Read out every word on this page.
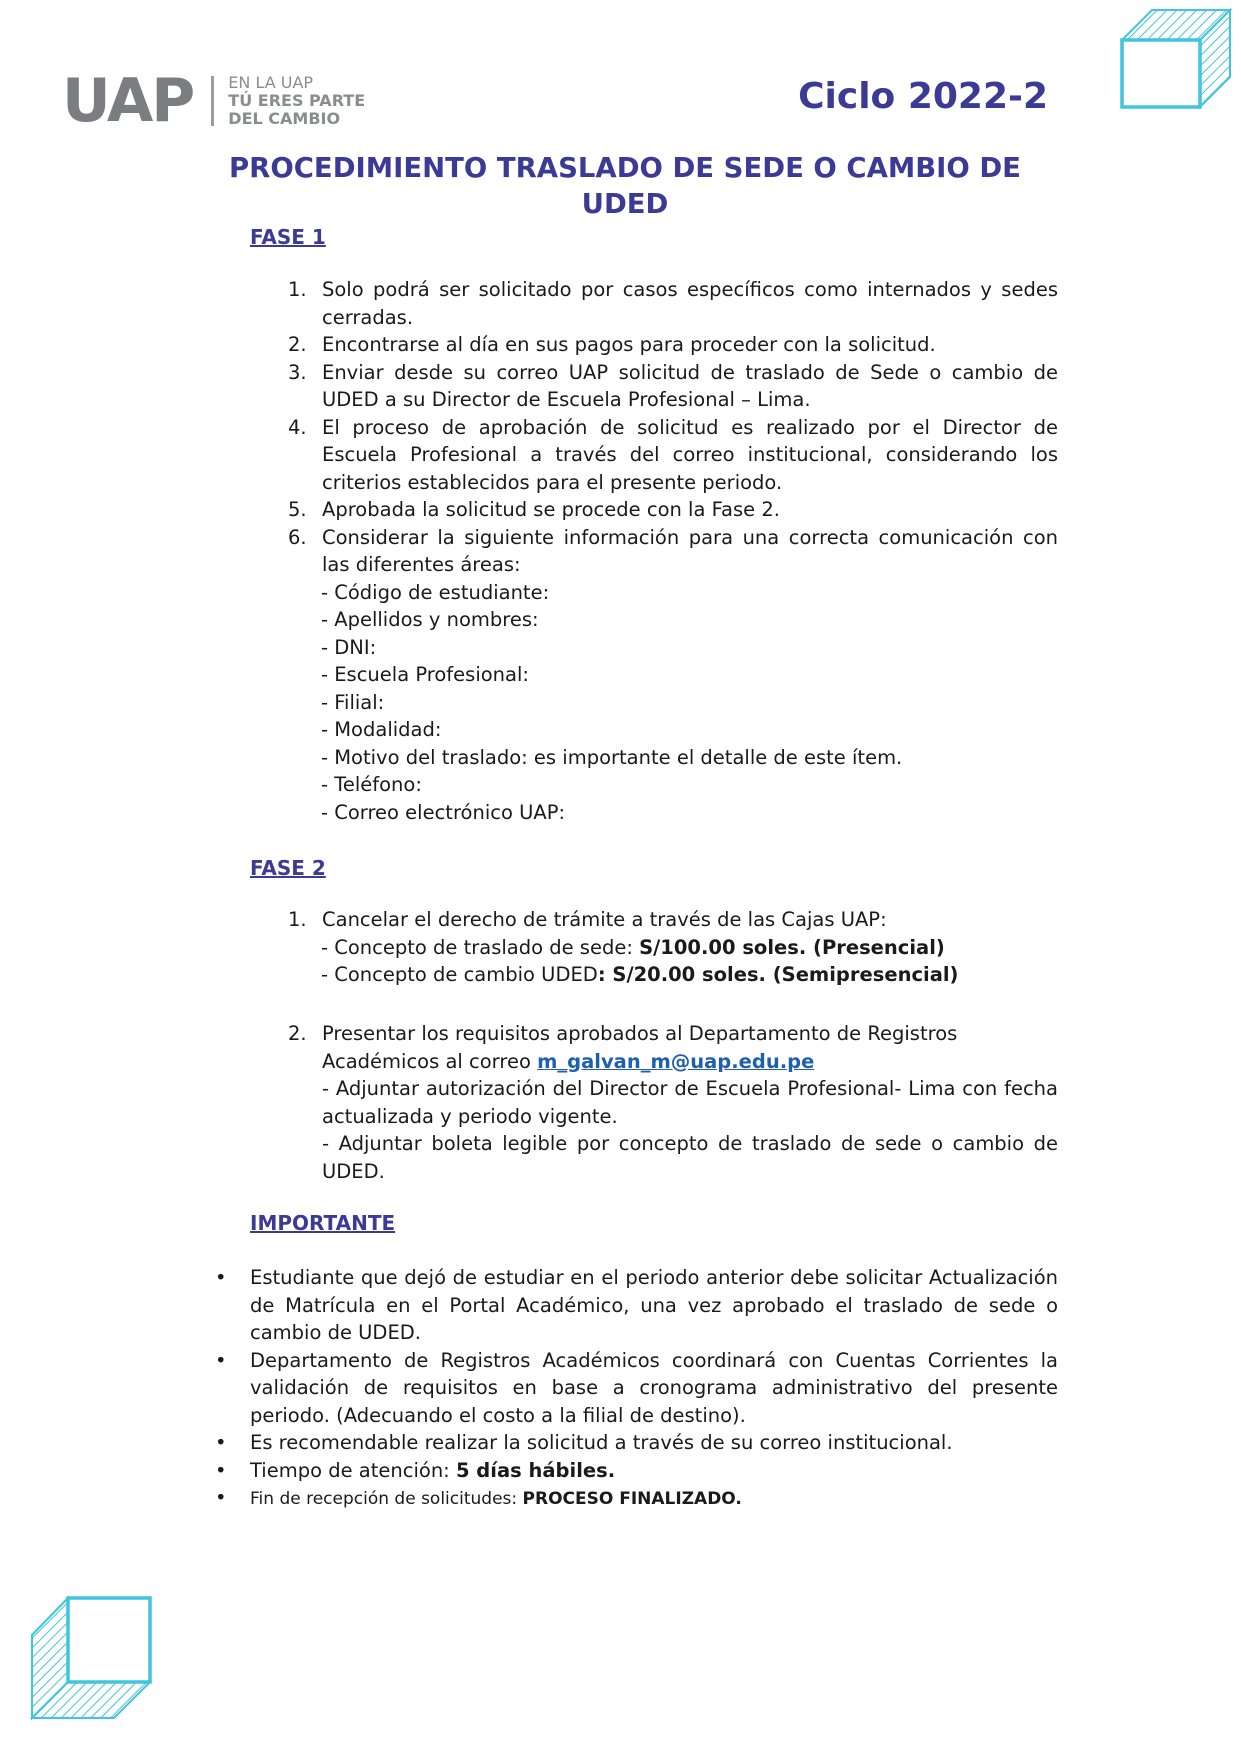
UAP EN LA UAP
TÚ ERES PARTE
DEL CAMBIO
Ciclo 2022-2
PROCEDIMIENTO TRASLADO DE SEDE O CAMBIO DE
UDED
FASE 1
1. Solo podrá ser solicitado por casos específicos como internados y sedes cerradas.
2. Encontrarse al día en sus pagos para proceder con la solicitud.
3. Enviar desde su correo UAP solicitud de traslado de Sede o cambio de UDED a su Director de Escuela Profesional – Lima.
4. El proceso de aprobación de solicitud es realizado por el Director de Escuela Profesional a través del correo institucional, considerando los criterios establecidos para el presente periodo.
5. Aprobada la solicitud se procede con la Fase 2.
6. Considerar la siguiente información para una correcta comunicación con las diferentes áreas:
- Código de estudiante:
- Apellidos y nombres:
- DNI:
- Escuela Profesional:
- Filial:
- Modalidad:
- Motivo del traslado: es importante el detalle de este ítem.
- Teléfono:
- Correo electrónico UAP:
FASE 2
1. Cancelar el derecho de trámite a través de las Cajas UAP:
- Concepto de traslado de sede: S/100.00 soles. (Presencial)
- Concepto de cambio UDED: S/20.00 soles. (Semipresencial)
2. Presentar los requisitos aprobados al Departamento de Registros
Académicos al correo m_galvan_m@uap.edu.pe
- Adjuntar autorización del Director de Escuela Profesional- Lima con fecha actualizada y periodo vigente.
- Adjuntar boleta legible por concepto de traslado de sede o cambio de UDED.
IMPORTANTE
• Estudiante que dejó de estudiar en el periodo anterior debe solicitar Actualización de Matrícula en el Portal Académico, una vez aprobado el traslado de sede o cambio de UDED.
• Departamento de Registros Académicos coordinará con Cuentas Corrientes la validación de requisitos en base a cronograma administrativo del presente periodo. (Adecuando el costo a la filial de destino).
• Es recomendable realizar la solicitud a través de su correo institucional.
• Tiempo de atención: 5 días hábiles.
• Fin de recepción de solicitudes: PROCESO FINALIZADO.
